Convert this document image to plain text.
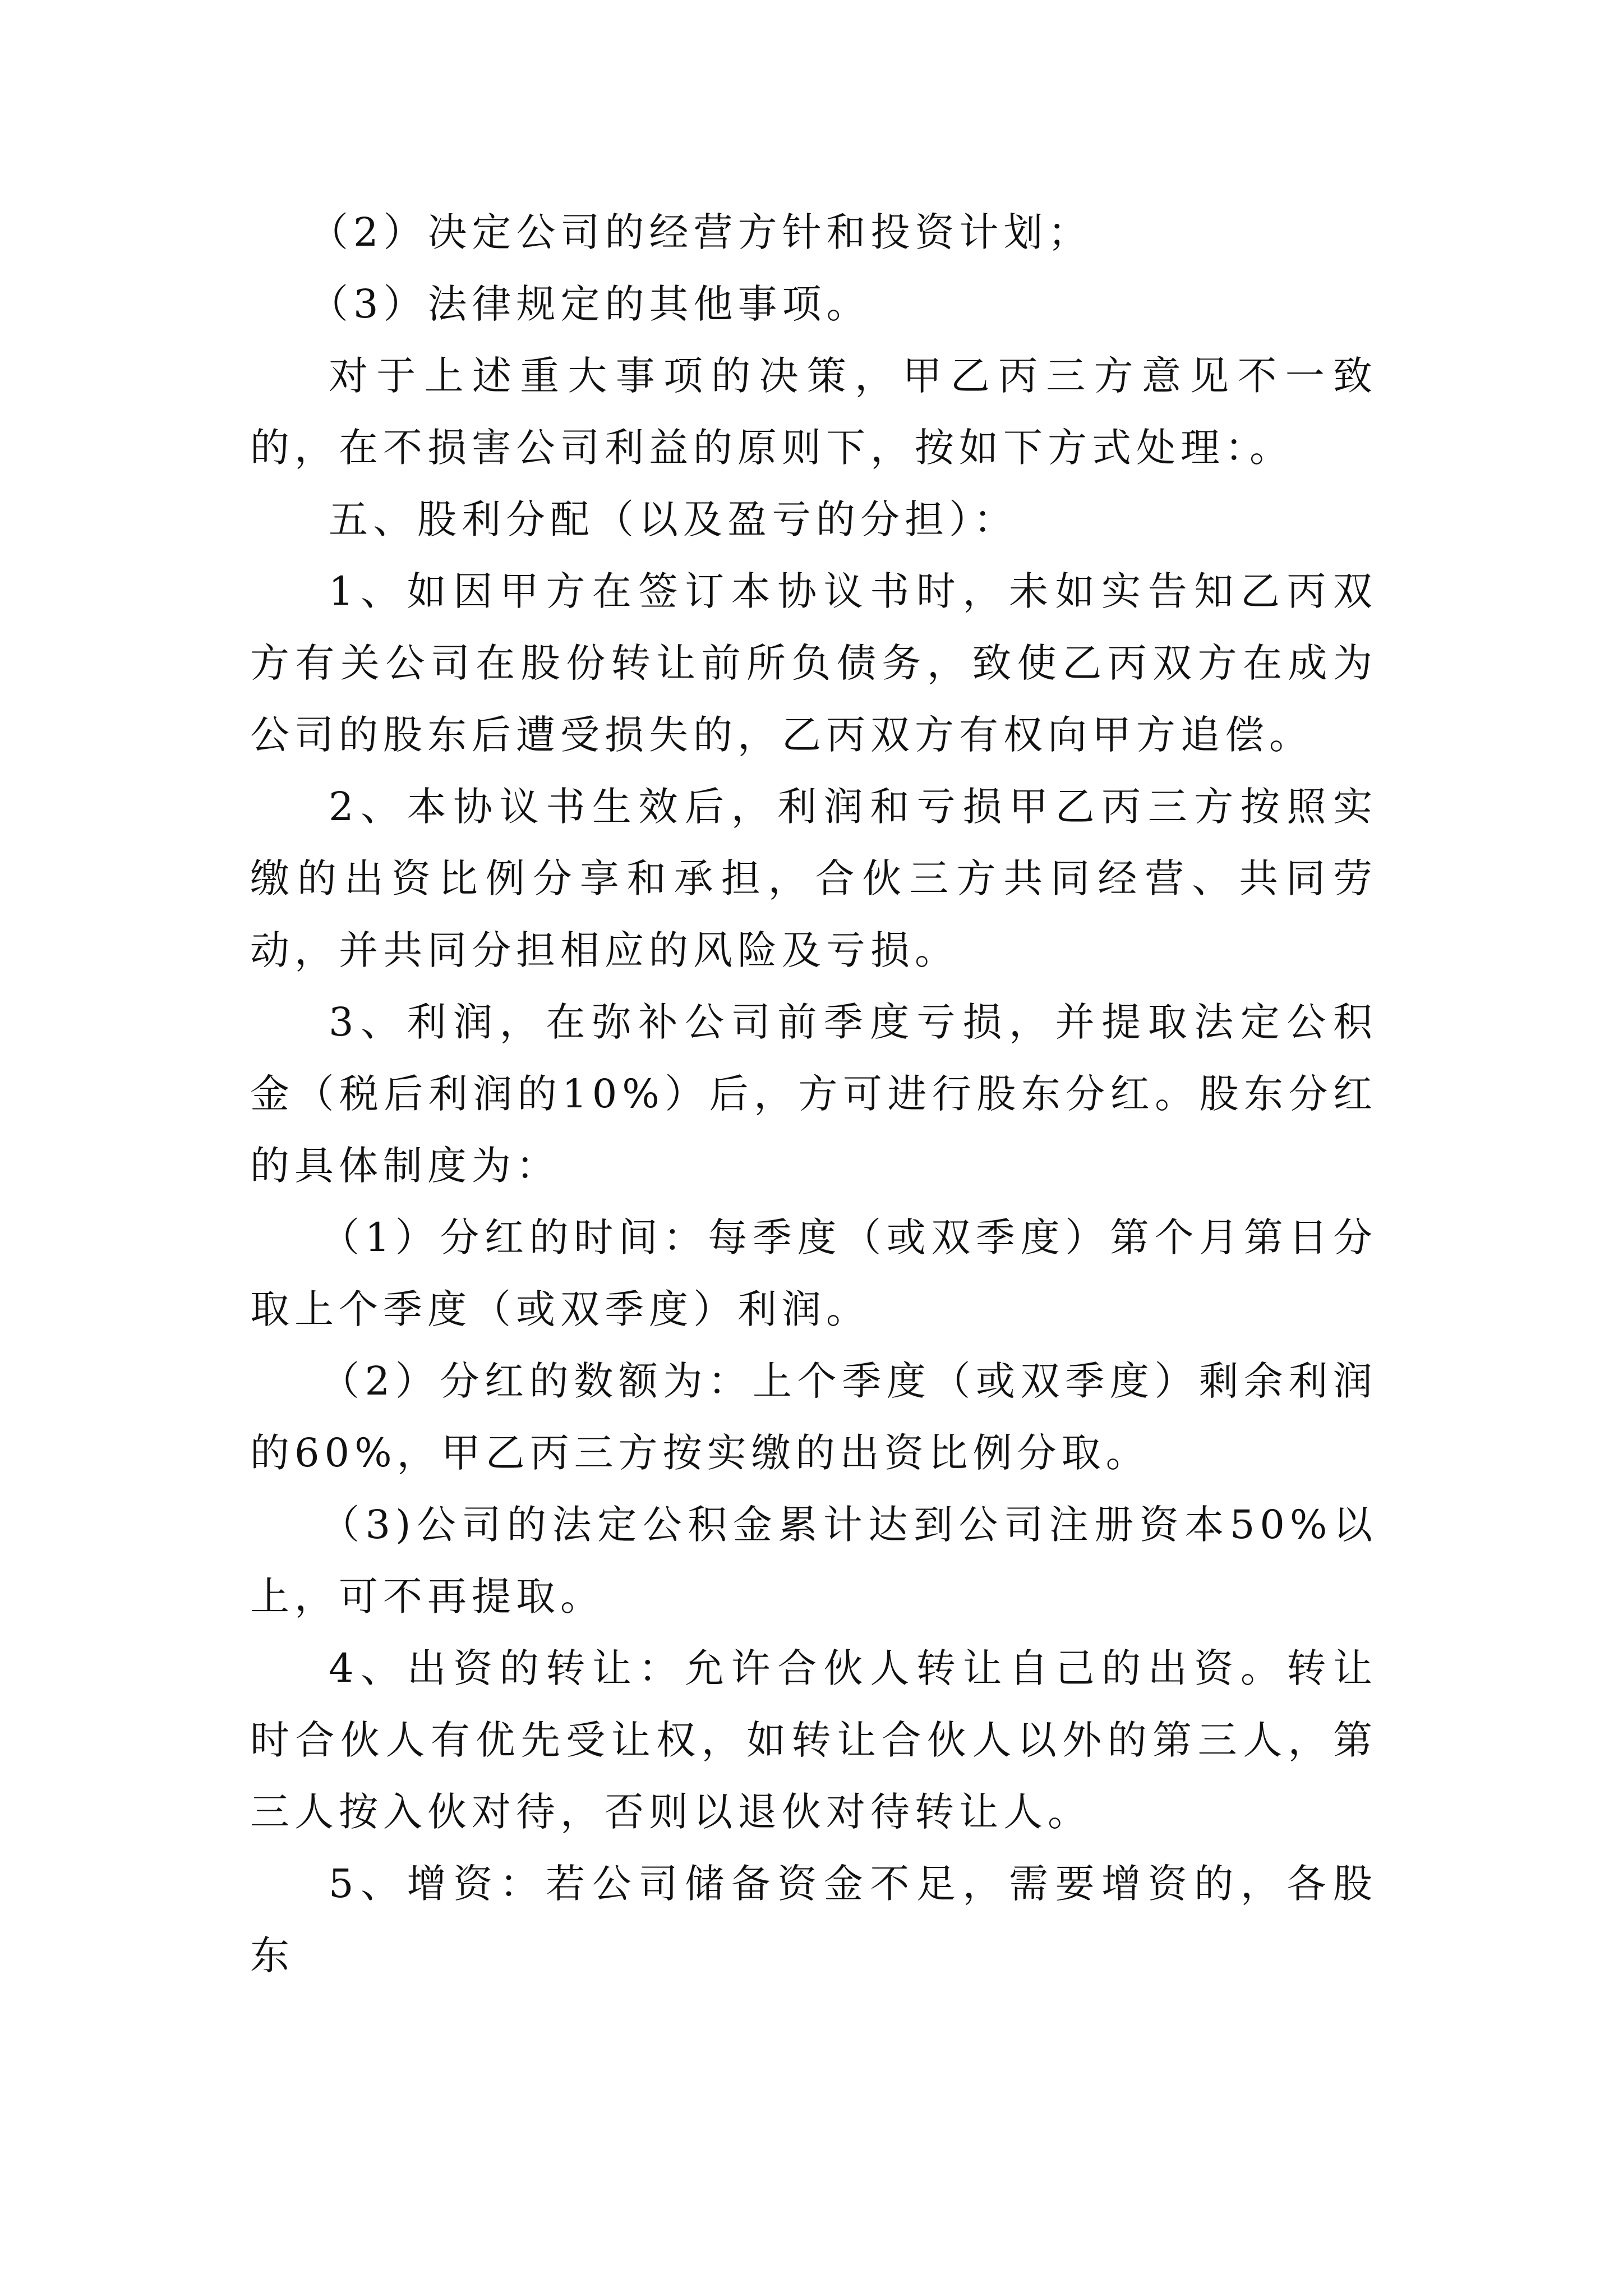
（2）决定公司的经营方针和投资计划；

（3）法律规定的其他事项。

对于上述重大事项的决策，甲乙丙三方意见不一致的，在不损害公司利益的原则下，按如下方式处理：。

五、股利分配（以及盈亏的分担）：

1、如因甲方在签订本协议书时，未如实告知乙丙双方有关公司在股份转让前所负债务，致使乙丙双方在成为公司的股东后遭受损失的，乙丙双方有权向甲方追偿。

2、本协议书生效后，利润和亏损甲乙丙三方按照实缴的出资比例分享和承担，合伙三方共同经营、共同劳动，并共同分担相应的风险及亏损。

3、利润，在弥补公司前季度亏损，并提取法定公积金（税后利润的10%）后，方可进行股东分红。股东分红的具体制度为：

（1）分红的时间：每季度（或双季度）第个月第日分取上个季度（或双季度）利润。

（2）分红的数额为：上个季度（或双季度）剩余利润的60%，甲乙丙三方按实缴的出资比例分取。

（3)公司的法定公积金累计达到公司注册资本50%以上，可不再提取。

4、出资的转让：允许合伙人转让自己的出资。转让时合伙人有优先受让权，如转让合伙人以外的第三人，第三人按入伙对待，否则以退伙对待转让人。

5、增资：若公司储备资金不足，需要增资的，各股东
